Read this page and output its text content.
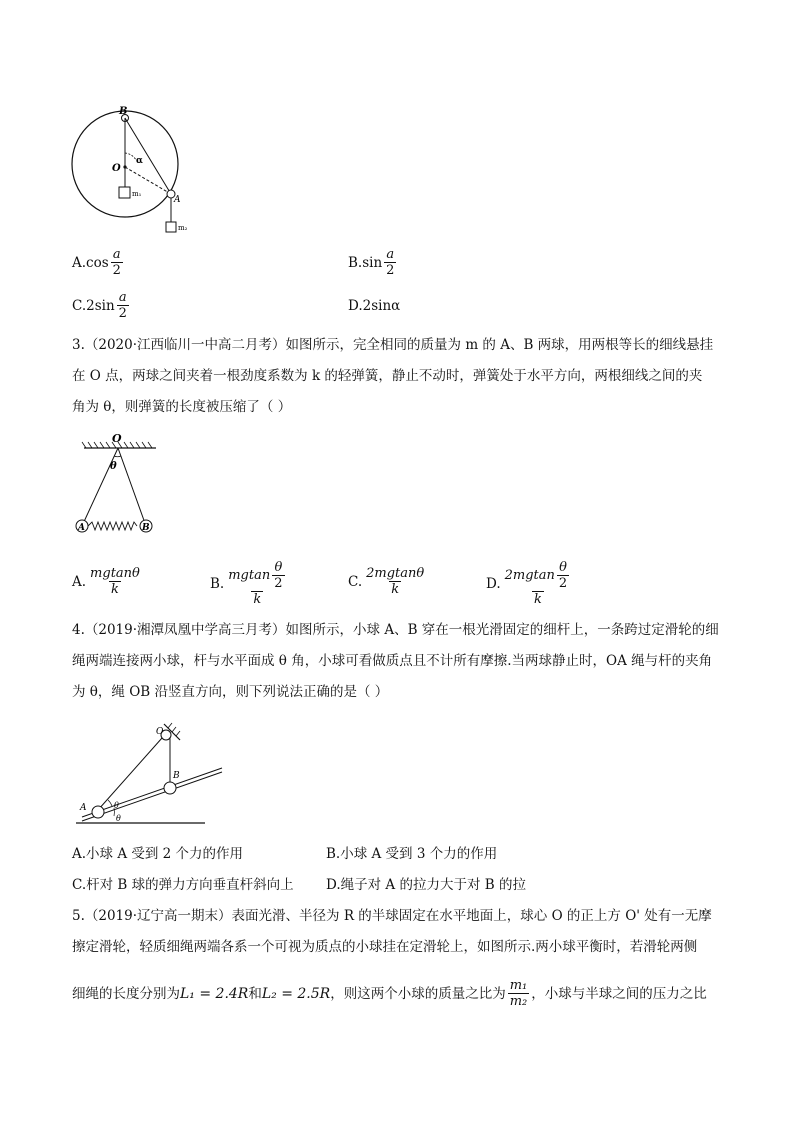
B
O
α
A
m₁
m₂
$A.\cos \frac{a}{2}$	$B.\sin \frac{a}{2}$
$C.2\sin \frac{a}{2}$	D.2sinα
3.（2020·江西临川一中高二月考）如图所示，完全相同的质量为 m 的 A、B 两球，用两根等长的细线悬挂
在 O 点，两球之间夹着一根劲度系数为 k 的轻弹簧，静止不动时，弹簧处于水平方向，两根细线之间的夹
角为 θ，则弹簧的长度被压缩了（ ）
O
θ
A	B
A. $\frac{mgtan\theta}{k}$	B. $\frac{mgtan \frac{\theta}{2}}{k}$	C. $\frac{2mgtan\theta}{k}$	D. $\frac{2mgtan \frac{\theta}{2}}{k}$
4.（2019·湘潭凤凰中学高三月考）如图所示，小球 A、B 穿在一根光滑固定的细杆上，一条跨过定滑轮的细
绳两端连接两小球，杆与水平面成 θ 角，小球可看做质点且不计所有摩擦.当两球静止时，OA 绳与杆的夹角
为 θ，绳 OB 沿竖直方向，则下列说法正确的是（ ）
O
B
A	θ
θ
A.小球 A 受到 2 个力的作用	B.小球 A 受到 3 个力的作用
C.杆对 B 球的弹力方向垂直杆斜向上 D.绳子对 A 的拉力大于对 B 的拉
5.（2019·辽宁高一期末）表面光滑、半径为 R 的半球固定在水平地面上，球心 O 的正上方 O' 处有一无摩
擦定滑轮，轻质细绳两端各系一个可视为质点的小球挂在定滑轮上，如图所示.两小球平衡时，若滑轮两侧
细绳的长度分别为 L₁ = 2.4R 和 L₂ = 2.5R ，则这两个小球的质量之比为 $\frac{\text{m₁}}{\text{m₂}}$ ，小球与半球之间的压力之比
